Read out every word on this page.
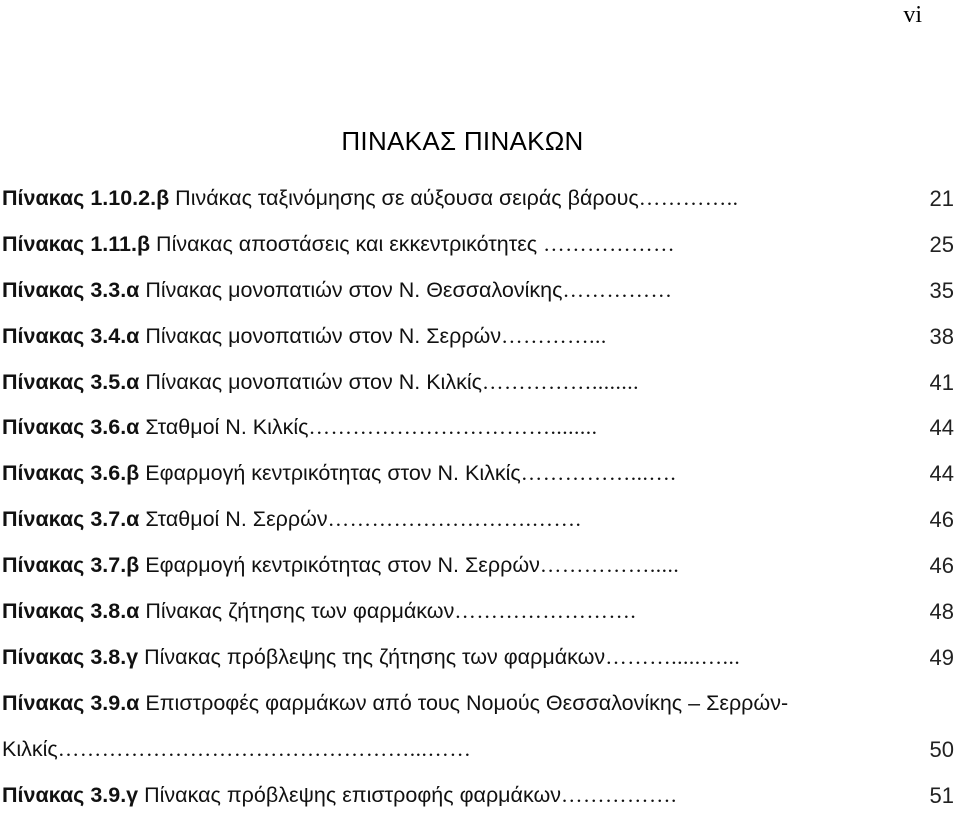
vi
ΠΙΝΑΚΑΣ ΠΙΝΑΚΩΝ
Πίνακας 1.10.2.β Πινάκας ταξινόμησης σε αύξουσα σειράς βάρους…………..	21
Πίνακας 1.11.β Πίνακας αποστάσεις και εκκεντρικότητες ………………	25
Πίνακας 3.3.α Πίνακας μονοπατιών στον Ν. Θεσσαλονίκης……………	35
Πίνακας 3.4.α Πίνακας μονοπατιών στον Ν. Σερρών…………...	38
Πίνακας 3.5.α Πίνακας μονοπατιών στον Ν. Κιλκίς……………........	41
Πίνακας 3.6.α Σταθμοί Ν. Κιλκίς……………………………........	44
Πίνακας 3.6.β Εφαρμογή κεντρικότητας στον Ν. Κιλκίς……………...….	44
Πίνακας 3.7.α Σταθμοί Ν. Σερρών……………………….…….	46
Πίνακας 3.7.β Εφαρμογή κεντρικότητας στον Ν. Σερρών…………….....	46
Πίνακας 3.8.α Πίνακας ζήτησης των φαρμάκων…………………….	48
Πίνακας 3.8.γ Πίνακας πρόβλεψης της ζήτησης των φαρμάκων……….....…...	49
Πίνακας 3.9.α Επιστροφές φαρμάκων από τους Νομούς Θεσσαλονίκης – Σερρών-
Κιλκίς…………………………………………...……	50
Πίνακας 3.9.γ Πίνακας πρόβλεψης επιστροφής φαρμάκων…………….	51
